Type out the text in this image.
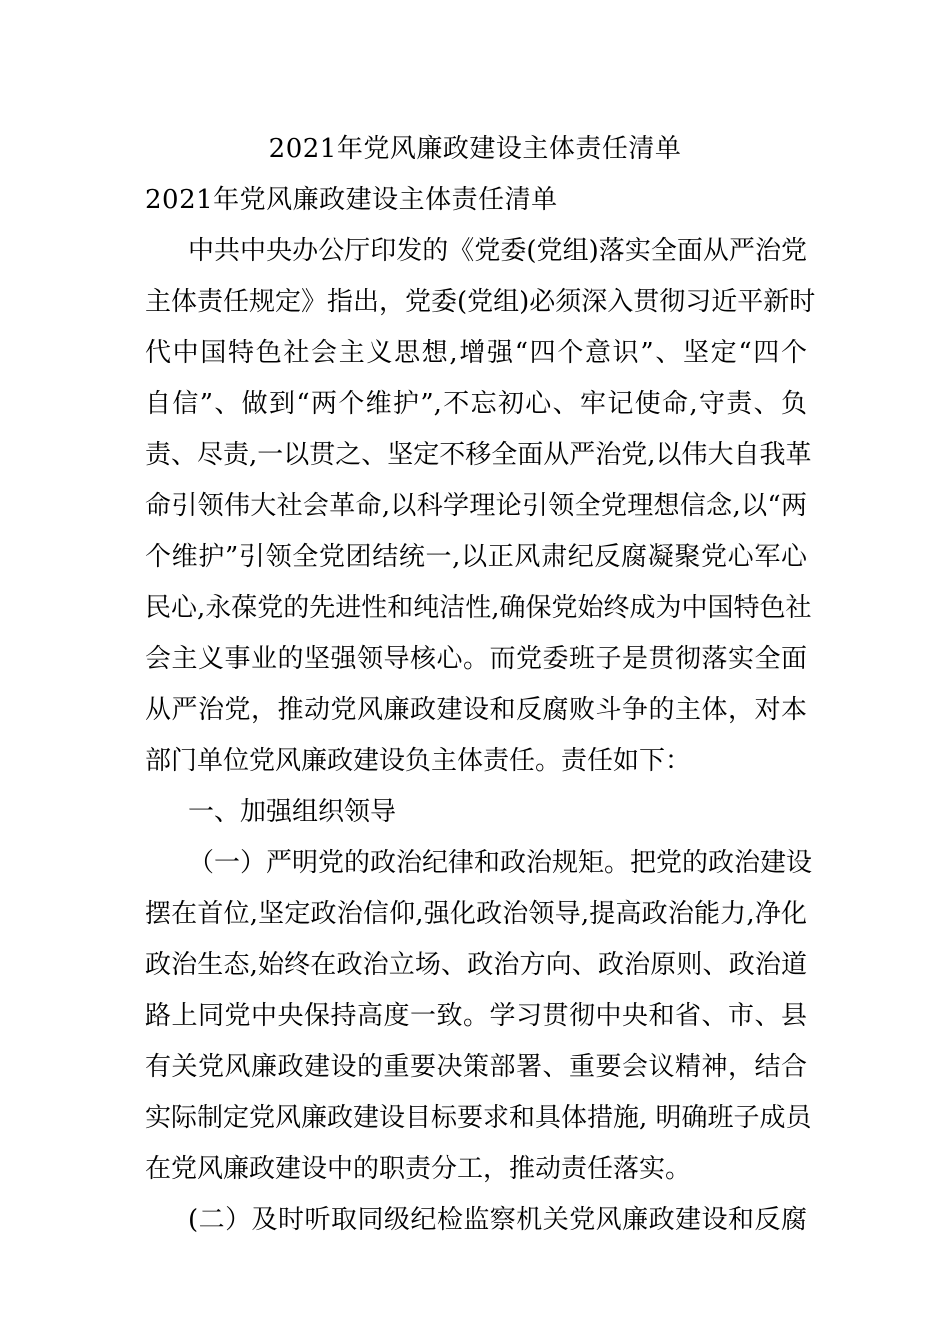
2021年党风廉政建设主体责任清单
2021年党风廉政建设主体责任清单

中共中央办公厅印发的《党委(党组)落实全面从严治党

主体责任规定》指出，党委(党组)必须深入贯彻习近平新时

代中国特色社会主义思想,增强“四个意识”、坚定“四个

自信”、做到“两个维护”,不忘初心、牢记使命,守责、负

责、尽责,一以贯之、坚定不移全面从严治党,以伟大自我革

命引领伟大社会革命,以科学理论引领全党理想信念,以“两

个维护”引领全党团结统一,以正风肃纪反腐凝聚党心军心

民心,永葆党的先进性和纯洁性,确保党始终成为中国特色社

会主义事业的坚强领导核心。而党委班子是贯彻落实全面

从严治党，推动党风廉政建设和反腐败斗争的主体，对本

部门单位党风廉政建设负主体责任。责任如下：

一、加强组织领导

（一）严明党的政治纪律和政治规矩。把党的政治建设

摆在首位,坚定政治信仰,强化政治领导,提高政治能力,净化

政治生态,始终在政治立场、政治方向、政治原则、政治道

路上同党中央保持高度一致。学习贯彻中央和省、市、县

有关党风廉政建设的重要决策部署、重要会议精神，结合

实际制定党风廉政建设目标要求和具体措施, 明确班子成员

在党风廉政建设中的职责分工，推动责任落实。

(二）及时听取同级纪检监察机关党风廉政建设和反腐
